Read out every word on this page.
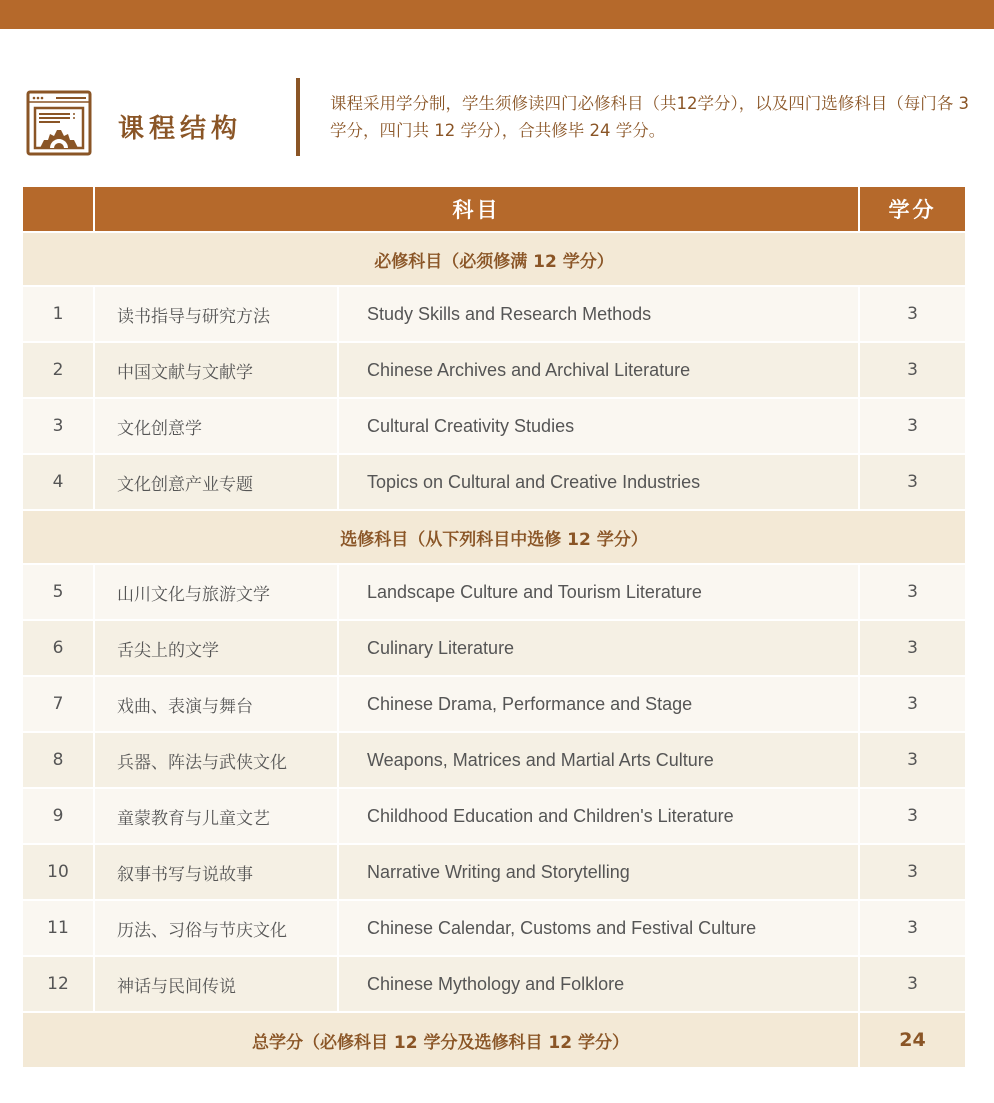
课程结构
课程采用学分制，学生须修读四门必修科目（共12学分），以及四门选修科目（每门各 3 学分，四门共 12 学分），合共修毕 24 学分。
	科目		学分
必修科目（必须修满 12 学分）			
1	读书指导与研究方法	Study Skills and Research Methods	3
2	中国文献与文献学	Chinese Archives and Archival Literature	3
3	文化创意学	Cultural Creativity Studies	3
4	文化创意产业专题	Topics on Cultural and Creative Industries	3
选修科目（从下列科目中选修 12 学分）			
5	山川文化与旅游文学	Landscape Culture and Tourism Literature	3
6	舌尖上的文学	Culinary Literature	3
7	戏曲、表演与舞台	Chinese Drama, Performance and Stage	3
8	兵器、阵法与武侠文化	Weapons, Matrices and Martial Arts Culture	3
9	童蒙教育与儿童文艺	Childhood Education and Children's Literature	3
10	叙事书写与说故事	Narrative Writing and Storytelling	3
11	历法、习俗与节庆文化	Chinese Calendar, Customs and Festival Culture	3
12	神话与民间传说	Chinese Mythology and Folklore	3
总学分（必修科目 12 学分及选修科目 12 学分）			24
